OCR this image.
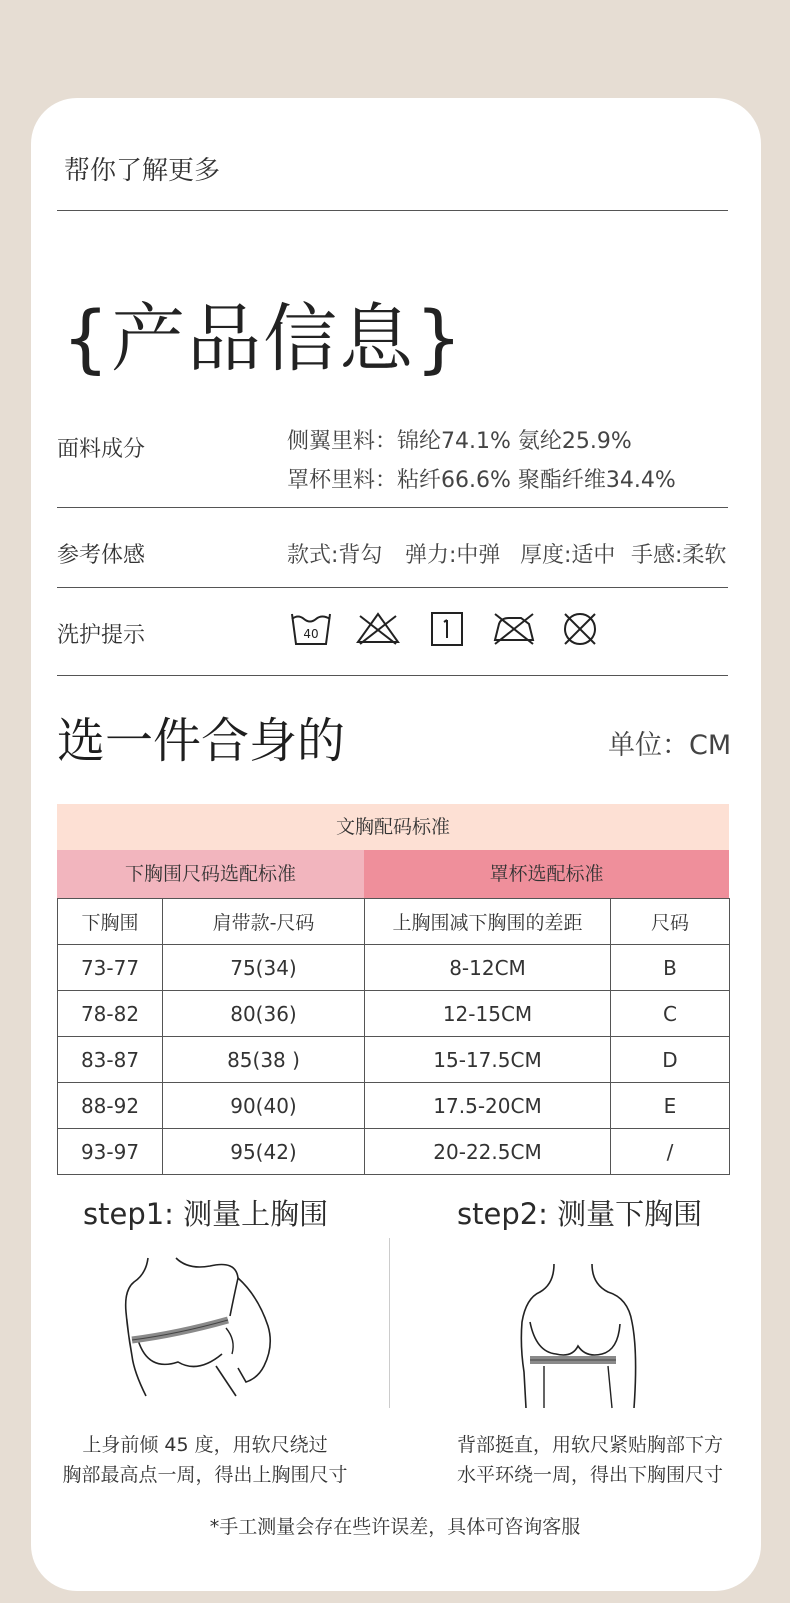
帮你了解更多
{产品信息}
面料成分	侧翼里料：锦纶74.1% 氨纶25.9%
罩杯里料：粘纤66.6% 聚酯纤维34.4%
参考体感	款式:背勾 弹力:中弹 厚度:适中 手感:柔软
洗护提示	40
选一件合身的	单位：CM
文胸配码标准
下胸围尺码选配标准	罩杯选配标准
下胸围	肩带款-尺码	上胸围减下胸围的差距	尺码
73-77	75(34)	8-12CM	B
78-82	80(36)	12-15CM	C
83-87	85(38 )	15-17.5CM	D
88-92	90(40)	17.5-20CM	E
93-97	95(42)	20-22.5CM	/
step1: 测量上胸围	step2: 测量下胸围
上身前倾 45 度，用软尺绕过
胸部最高点一周，得出上胸围尺寸
背部挺直，用软尺紧贴胸部下方
水平环绕一周，得出下胸围尺寸
*手工测量会存在些许误差，具体可咨询客服
